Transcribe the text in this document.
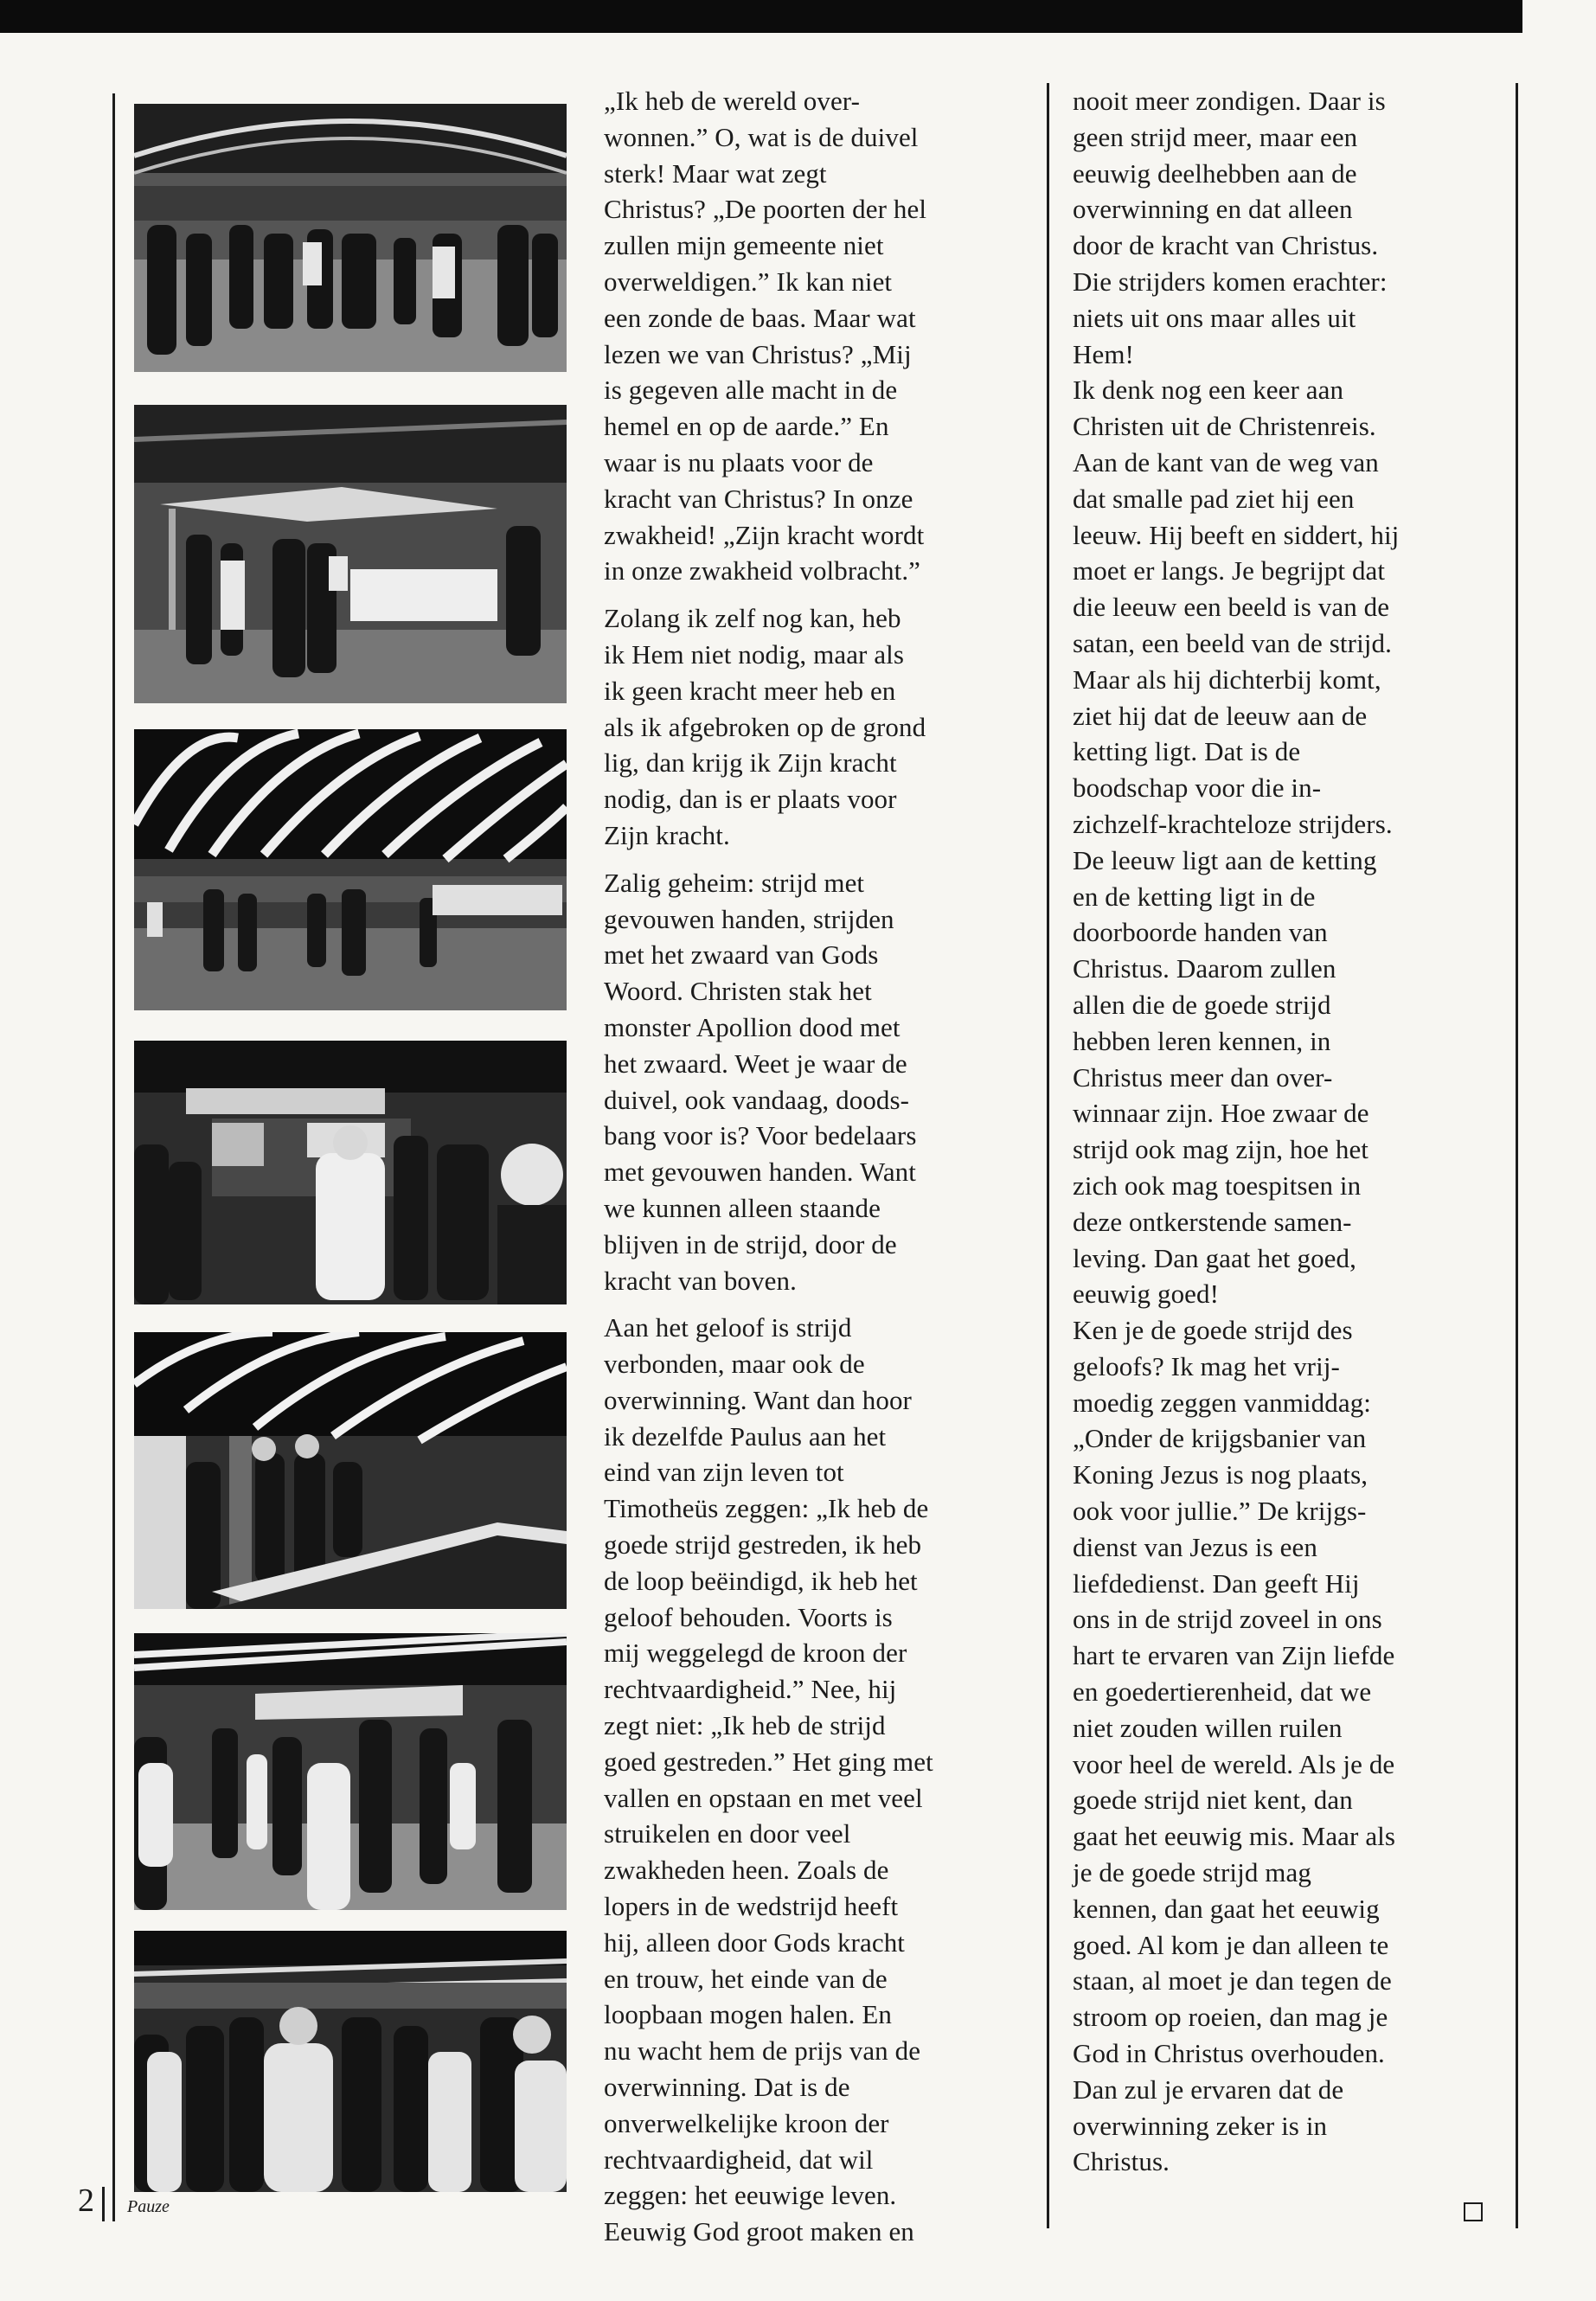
„Ik heb de wereld over-
wonnen.” O, wat is de duivel
sterk! Maar wat zegt
Christus? „De poorten der hel
zullen mijn gemeente niet
overweldigen.” Ik kan niet
een zonde de baas. Maar wat
lezen we van Christus? „Mij
is gegeven alle macht in de
hemel en op de aarde.” En
waar is nu plaats voor de
kracht van Christus? In onze
zwakheid! „Zijn kracht wordt
in onze zwakheid volbracht.”

Zolang ik zelf nog kan, heb
ik Hem niet nodig, maar als
ik geen kracht meer heb en
als ik afgebroken op de grond
lig, dan krijg ik Zijn kracht
nodig, dan is er plaats voor
Zijn kracht.

Zalig geheim: strijd met
gevouwen handen, strijden
met het zwaard van Gods
Woord. Christen stak het
monster Apollion dood met
het zwaard. Weet je waar de
duivel, ook vandaag, doods-
bang voor is? Voor bedelaars
met gevouwen handen. Want
we kunnen alleen staande
blijven in de strijd, door de
kracht van boven.

Aan het geloof is strijd
verbonden, maar ook de
overwinning. Want dan hoor
ik dezelfde Paulus aan het
eind van zijn leven tot
Timotheüs zeggen: „Ik heb de
goede strijd gestreden, ik heb
de loop beëindigd, ik heb het
geloof behouden. Voorts is
mij weggelegd de kroon der
rechtvaardigheid.” Nee, hij
zegt niet: „Ik heb de strijd
goed gestreden.” Het ging met
vallen en opstaan en met veel
struikelen en door veel
zwakheden heen. Zoals de
lopers in de wedstrijd heeft
hij, alleen door Gods kracht
en trouw, het einde van de
loopbaan mogen halen. En
nu wacht hem de prijs van de
overwinning. Dat is de
onverwelkelijke kroon der
rechtvaardigheid, dat wil
zeggen: het eeuwige leven.
Eeuwig God groot maken en

nooit meer zondigen. Daar is
geen strijd meer, maar een
eeuwig deelhebben aan de
overwinning en dat alleen
door de kracht van Christus.
Die strijders komen erachter:
niets uit ons maar alles uit
Hem!

Ik denk nog een keer aan
Christen uit de Christenreis.
Aan de kant van de weg van
dat smalle pad ziet hij een
leeuw. Hij beeft en siddert, hij
moet er langs. Je begrijpt dat
die leeuw een beeld is van de
satan, een beeld van de strijd.
Maar als hij dichterbij komt,
ziet hij dat de leeuw aan de
ketting ligt. Dat is de
boodschap voor die in-
zichzelf-krachteloze strijders.
De leeuw ligt aan de ketting
en de ketting ligt in de
doorboorde handen van
Christus. Daarom zullen
allen die de goede strijd
hebben leren kennen, in
Christus meer dan over-
winnaar zijn. Hoe zwaar de
strijd ook mag zijn, hoe het
zich ook mag toespitsen in
deze ontkerstende samen-
leving. Dan gaat het goed,
eeuwig goed!

Ken je de goede strijd des
geloofs? Ik mag het vrij-
moedig zeggen vanmiddag:
„Onder de krijgsbanier van
Koning Jezus is nog plaats,
ook voor jullie.” De krijgs-
dienst van Jezus is een
liefdedienst. Dan geeft Hij
ons in de strijd zoveel in ons
hart te ervaren van Zijn liefde
en goedertierenheid, dat we
niet zouden willen ruilen
voor heel de wereld. Als je de
goede strijd niet kent, dan
gaat het eeuwig mis. Maar als
je de goede strijd mag
kennen, dan gaat het eeuwig
goed. Al kom je dan alleen te
staan, al moet je dan tegen de
stroom op roeien, dan mag je
God in Christus overhouden.
Dan zul je ervaren dat de
overwinning zeker is in
Christus.

2 Pauze
